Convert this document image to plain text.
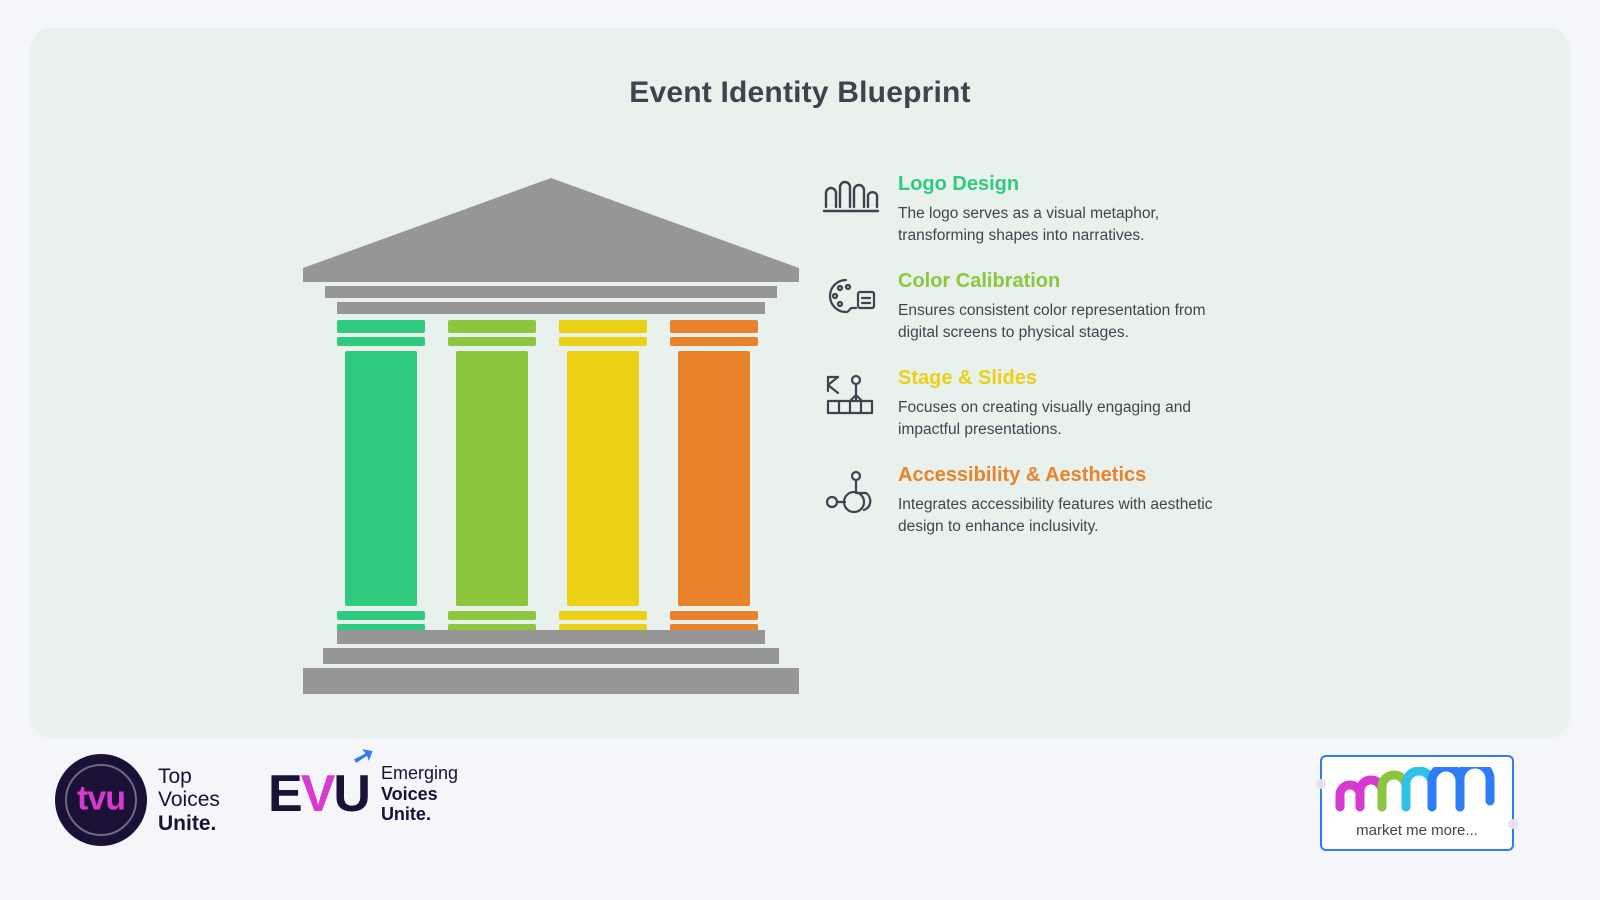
Event Identity Blueprint
Logo Design

The logo serves as a visual metaphor, transforming shapes into narratives.

Color Calibration

Ensures consistent color representation from digital screens to physical stages.

Stage & Slides

Focuses on creating visually engaging and impactful presentations.

Accessibility & Aesthetics

Integrates accessibility features with aesthetic design to enhance inclusivity.

tvu
Top
Voices
Unite.
EVU
➚
Emerging
Voices
Unite.
market me more...
